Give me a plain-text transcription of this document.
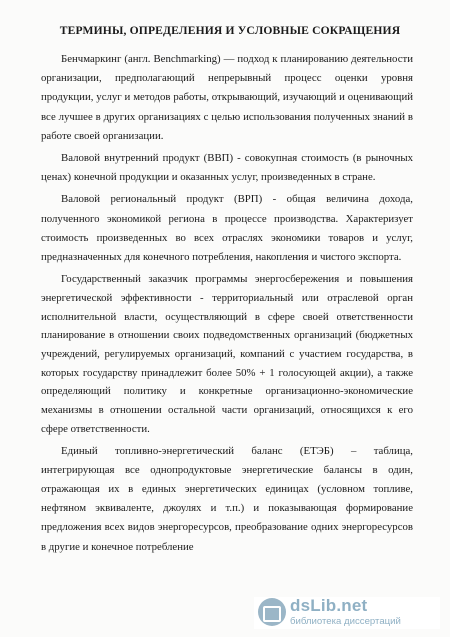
ТЕРМИНЫ, ОПРЕДЕЛЕНИЯ И УСЛОВНЫЕ СОКРАЩЕНИЯ

Бенчмаркинг (англ. Benchmarking) — подход к планированию деятельности организации, предполагающий непрерывный процесс оценки уровня продукции, услуг и методов работы, открывающий, изучающий и оценивающий все лучшее в других организациях с целью использования полученных знаний в работе своей организации.

Валовой внутренний продукт (ВВП) - совокупная стоимость (в рыночных ценах) конечной продукции и оказанных услуг, произведенных в стране.

Валовой региональный продукт (ВРП) - общая величина дохода, полученного экономикой региона в процессе производства. Характеризует стоимость произведенных во всех отраслях экономики товаров и услуг, предназначенных для конечного потребления, накопления и чистого экспорта.

Государственный заказчик программы энергосбережения и повышения энергетической эффективности - территориальный или отраслевой орган исполнительной власти, осуществляющий в сфере своей ответственности планирование в отношении своих подведомственных организаций (бюджетных учреждений, регулируемых организаций, компаний с участием государства, в которых государству принадлежит более 50% + 1 голосующей акции), а также определяющий политику и конкретные организационно-экономические механизмы в отношении остальной части организаций, относящихся к его сфере ответственности.

Единый топливно-энергетический баланс (ЕТЭБ) – таблица, интегрирующая все однопродуктовые энергетические балансы в один, отражающая их в единых энергетических единицах (условном топливе, нефтяном эквиваленте, джоулях и т.п.) и показывающая формирование предложения всех видов энергоресурсов, преобразование одних энергоресурсов в другие и конечное потребление

dsLib.net
библиотека диссертаций
